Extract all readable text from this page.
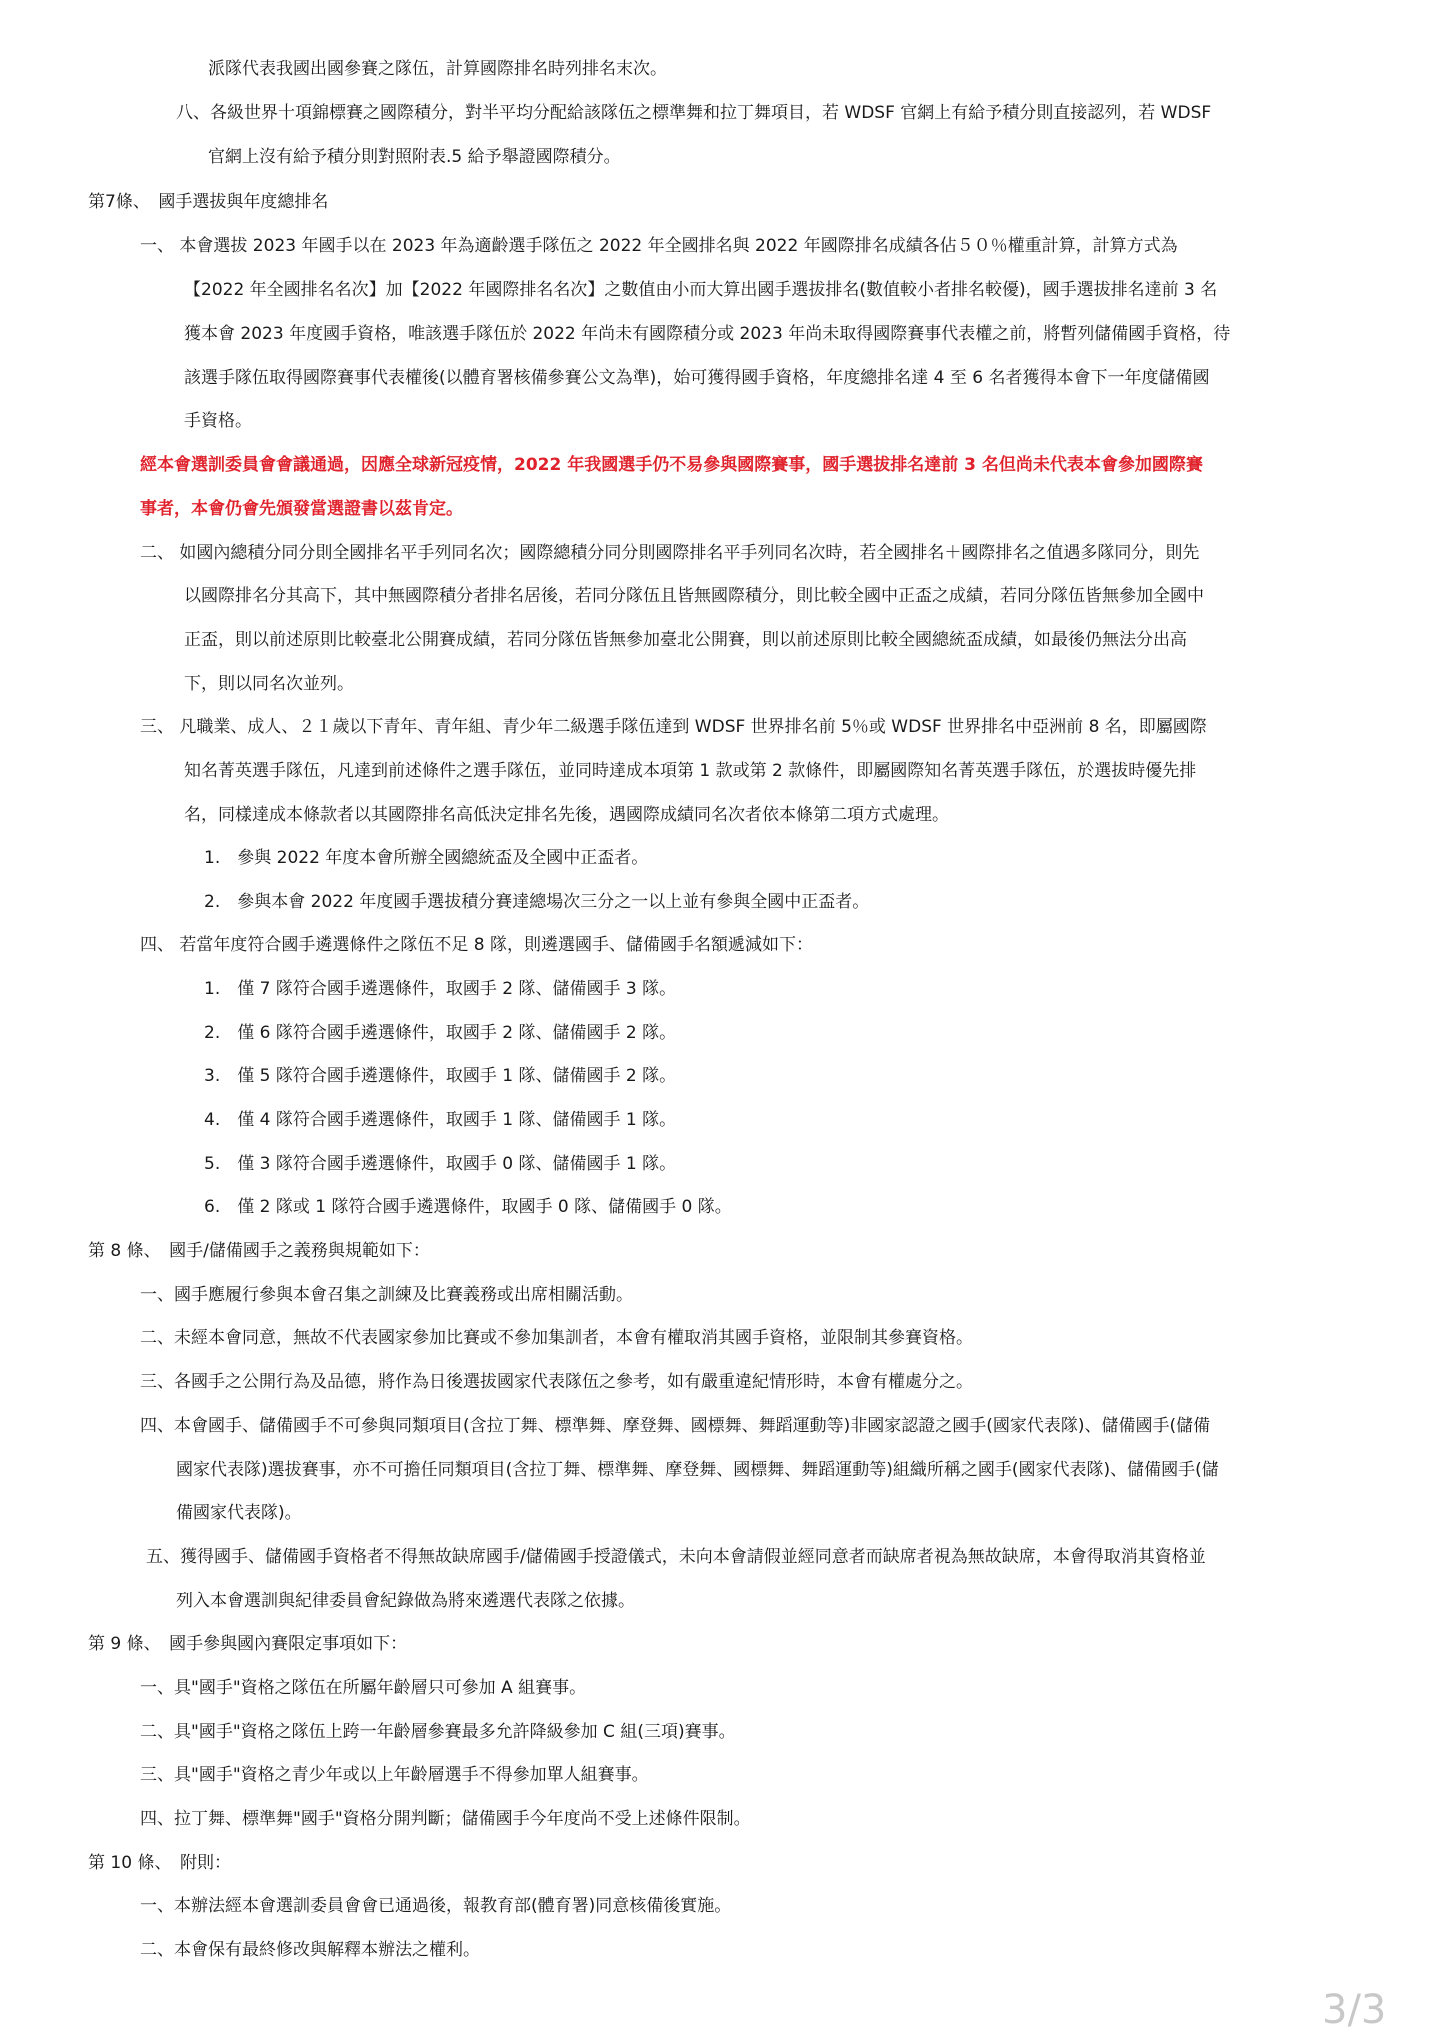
派隊代表我國出國參賽之隊伍，計算國際排名時列排名末次。
八、各級世界十項錦標賽之國際積分，對半平均分配給該隊伍之標準舞和拉丁舞項目，若 WDSF 官網上有給予積分則直接認列，若 WDSF
官網上沒有給予積分則對照附表.5 給予舉證國際積分。
第7條、　國手選拔與年度總排名
一、 本會選拔 2023 年國手以在 2023 年為適齡選手隊伍之 2022 年全國排名與 2022 年國際排名成績各佔５０％權重計算，計算方式為
【2022 年全國排名名次】加【2022 年國際排名名次】之數值由小而大算出國手選拔排名(數值較小者排名較優)，國手選拔排名達前 3 名
獲本會 2023 年度國手資格，唯該選手隊伍於 2022 年尚未有國際積分或 2023 年尚未取得國際賽事代表權之前，將暫列儲備國手資格，待
該選手隊伍取得國際賽事代表權後(以體育署核備參賽公文為準)，始可獲得國手資格，年度總排名達 4 至 6 名者獲得本會下一年度儲備國
手資格。
經本會選訓委員會會議通過，因應全球新冠疫情，2022 年我國選手仍不易參與國際賽事，國手選拔排名達前 3 名但尚未代表本會參加國際賽
事者，本會仍會先頒發當選證書以茲肯定。
二、 如國內總積分同分則全國排名平手列同名次；國際總積分同分則國際排名平手列同名次時，若全國排名＋國際排名之值遇多隊同分，則先
以國際排名分其高下，其中無國際積分者排名居後，若同分隊伍且皆無國際積分，則比較全國中正盃之成績，若同分隊伍皆無參加全國中
正盃，則以前述原則比較臺北公開賽成績，若同分隊伍皆無參加臺北公開賽，則以前述原則比較全國總統盃成績，如最後仍無法分出高
下，則以同名次並列。
三、 凡職業、成人、２１歲以下青年、青年組、青少年二級選手隊伍達到 WDSF 世界排名前 5％或 WDSF 世界排名中亞洲前 8 名，即屬國際
知名菁英選手隊伍，凡達到前述條件之選手隊伍，並同時達成本項第 1 款或第 2 款條件，即屬國際知名菁英選手隊伍，於選拔時優先排
名，同樣達成本條款者以其國際排名高低決定排名先後，遇國際成績同名次者依本條第二項方式處理。
1.　參與 2022 年度本會所辦全國總統盃及全國中正盃者。
2.　參與本會 2022 年度國手選拔積分賽達總場次三分之一以上並有參與全國中正盃者。
四、 若當年度符合國手遴選條件之隊伍不足 8 隊，則遴選國手、儲備國手名額遞減如下：
1.　僅 7 隊符合國手遴選條件，取國手 2 隊、儲備國手 3 隊。
2.　僅 6 隊符合國手遴選條件，取國手 2 隊、儲備國手 2 隊。
3.　僅 5 隊符合國手遴選條件，取國手 1 隊、儲備國手 2 隊。
4.　僅 4 隊符合國手遴選條件，取國手 1 隊、儲備國手 1 隊。
5.　僅 3 隊符合國手遴選條件，取國手 0 隊、儲備國手 1 隊。
6.　僅 2 隊或 1 隊符合國手遴選條件，取國手 0 隊、儲備國手 0 隊。
第 8 條、　國手/儲備國手之義務與規範如下：
一、國手應履行參與本會召集之訓練及比賽義務或出席相關活動。
二、未經本會同意，無故不代表國家參加比賽或不參加集訓者，本會有權取消其國手資格，並限制其參賽資格。
三、各國手之公開行為及品德，將作為日後選拔國家代表隊伍之參考，如有嚴重違紀情形時，本會有權處分之。
四、本會國手、儲備國手不可參與同類項目(含拉丁舞、標準舞、摩登舞、國標舞、舞蹈運動等)非國家認證之國手(國家代表隊)、儲備國手(儲備
國家代表隊)選拔賽事，亦不可擔任同類項目(含拉丁舞、標準舞、摩登舞、國標舞、舞蹈運動等)組織所稱之國手(國家代表隊)、儲備國手(儲
備國家代表隊)。
五、獲得國手、儲備國手資格者不得無故缺席國手/儲備國手授證儀式，未向本會請假並經同意者而缺席者視為無故缺席，本會得取消其資格並
列入本會選訓與紀律委員會紀錄做為將來遴選代表隊之依據。
第 9 條、　國手參與國內賽限定事項如下：
一、具"國手"資格之隊伍在所屬年齡層只可參加 A 組賽事。
二、具"國手"資格之隊伍上跨一年齡層參賽最多允許降級參加 C 組(三項)賽事。
三、具"國手"資格之青少年或以上年齡層選手不得參加單人組賽事。
四、拉丁舞、標準舞"國手"資格分開判斷；儲備國手今年度尚不受上述條件限制。
第 10 條、　附則：
一、本辦法經本會選訓委員會會已通過後，報教育部(體育署)同意核備後實施。
二、本會保有最終修改與解釋本辦法之權利。
3/3
